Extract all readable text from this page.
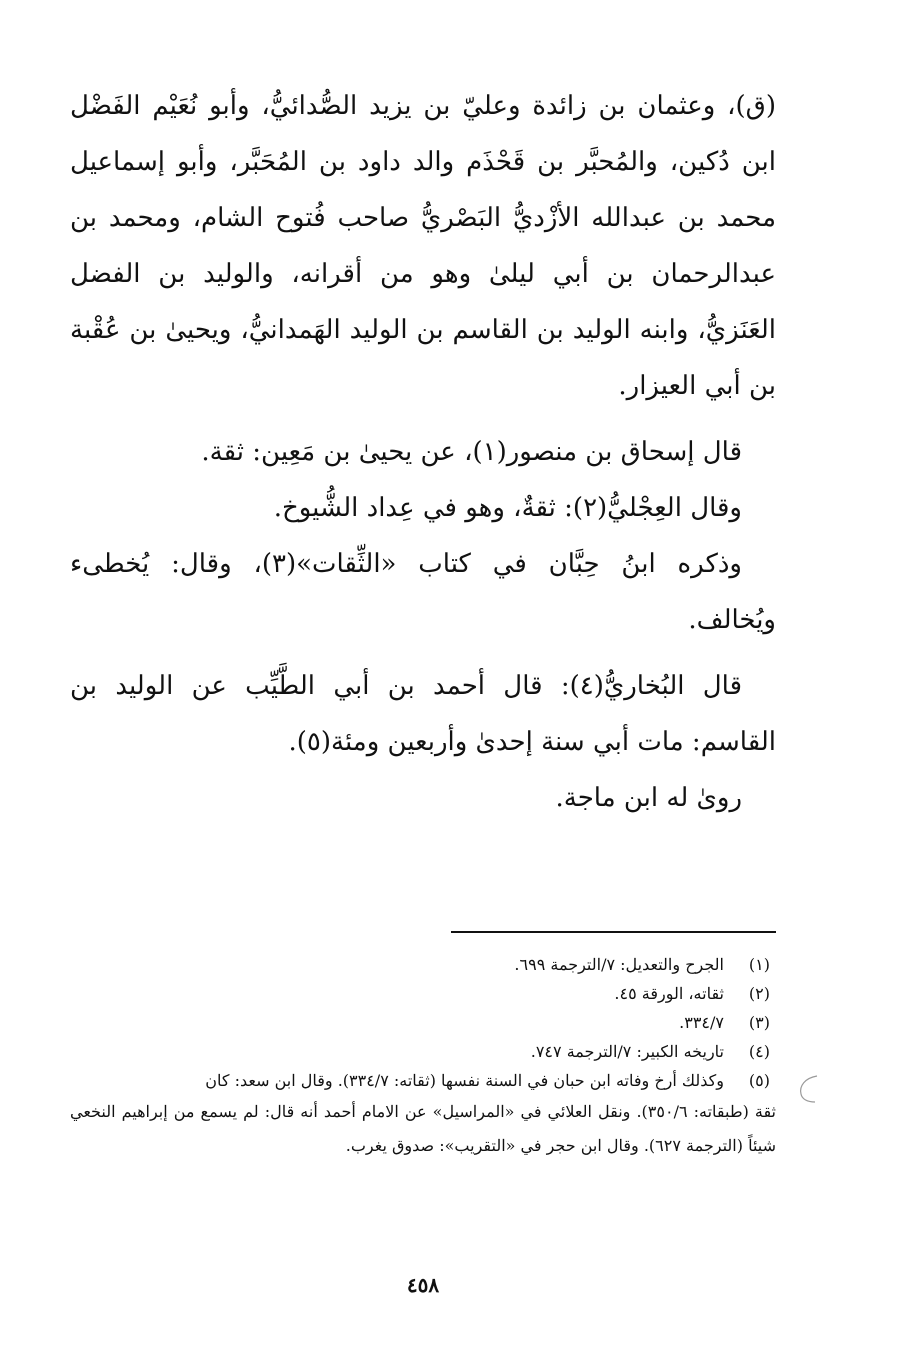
(ق)، وعثمان بن زائدة وعليّ بن يزيد الصُّدائيُّ، وأبو نُعَيْم الفَضْل ابن دُكين، والمُحبَّر بن قَحْذَم والد داود بن المُحَبَّر، وأبو إسماعيل محمد بن عبدالله الأزْديُّ البَصْريُّ صاحب فُتوح الشام، ومحمد بن عبدالرحمان بن أبي ليلىٰ وهو من أقرانه، والوليد بن الفضل العَنَزيُّ، وابنه الوليد بن القاسم بن الوليد الهَمدانيُّ، ويحيىٰ بن عُقْبة بن أبي العيزار.

قال إسحاق بن منصور(١)، عن يحيىٰ بن مَعِين: ثقة.

وقال العِجْليُّ(٢): ثقةٌ، وهو في عِداد الشُّيوخ.

وذكره ابنُ حِبَّان في كتاب «الثِّقات»(٣)، وقال: يُخطىء ويُخالف.

قال البُخاريُّ(٤): قال أحمد بن أبي الطَّيِّب عن الوليد بن القاسم: مات أبي سنة إحدىٰ وأربعين ومئة(٥).

روىٰ له ابن ماجة.

(١)
الجرح والتعديل: ٧/الترجمة ٦٩٩.
(٢)
ثقاته، الورقة ٤٥.
(٣)
٣٣٤/٧.
(٤)
تاريخه الكبير: ٧/الترجمة ٧٤٧.
(٥)
وكذلك أرخ وفاته ابن حبان في السنة نفسها (ثقاته: ٣٣٤/٧). وقال ابن سعد: كان
ثقة (طبقاته: ٣٥٠/٦). ونقل العلائي في «المراسيل» عن الامام أحمد أنه قال: لم يسمع من إبراهيم النخعي شيئاً (الترجمة ٦٢٧). وقال ابن حجر في «التقريب»: صدوق يغرب.
٤٥٨
